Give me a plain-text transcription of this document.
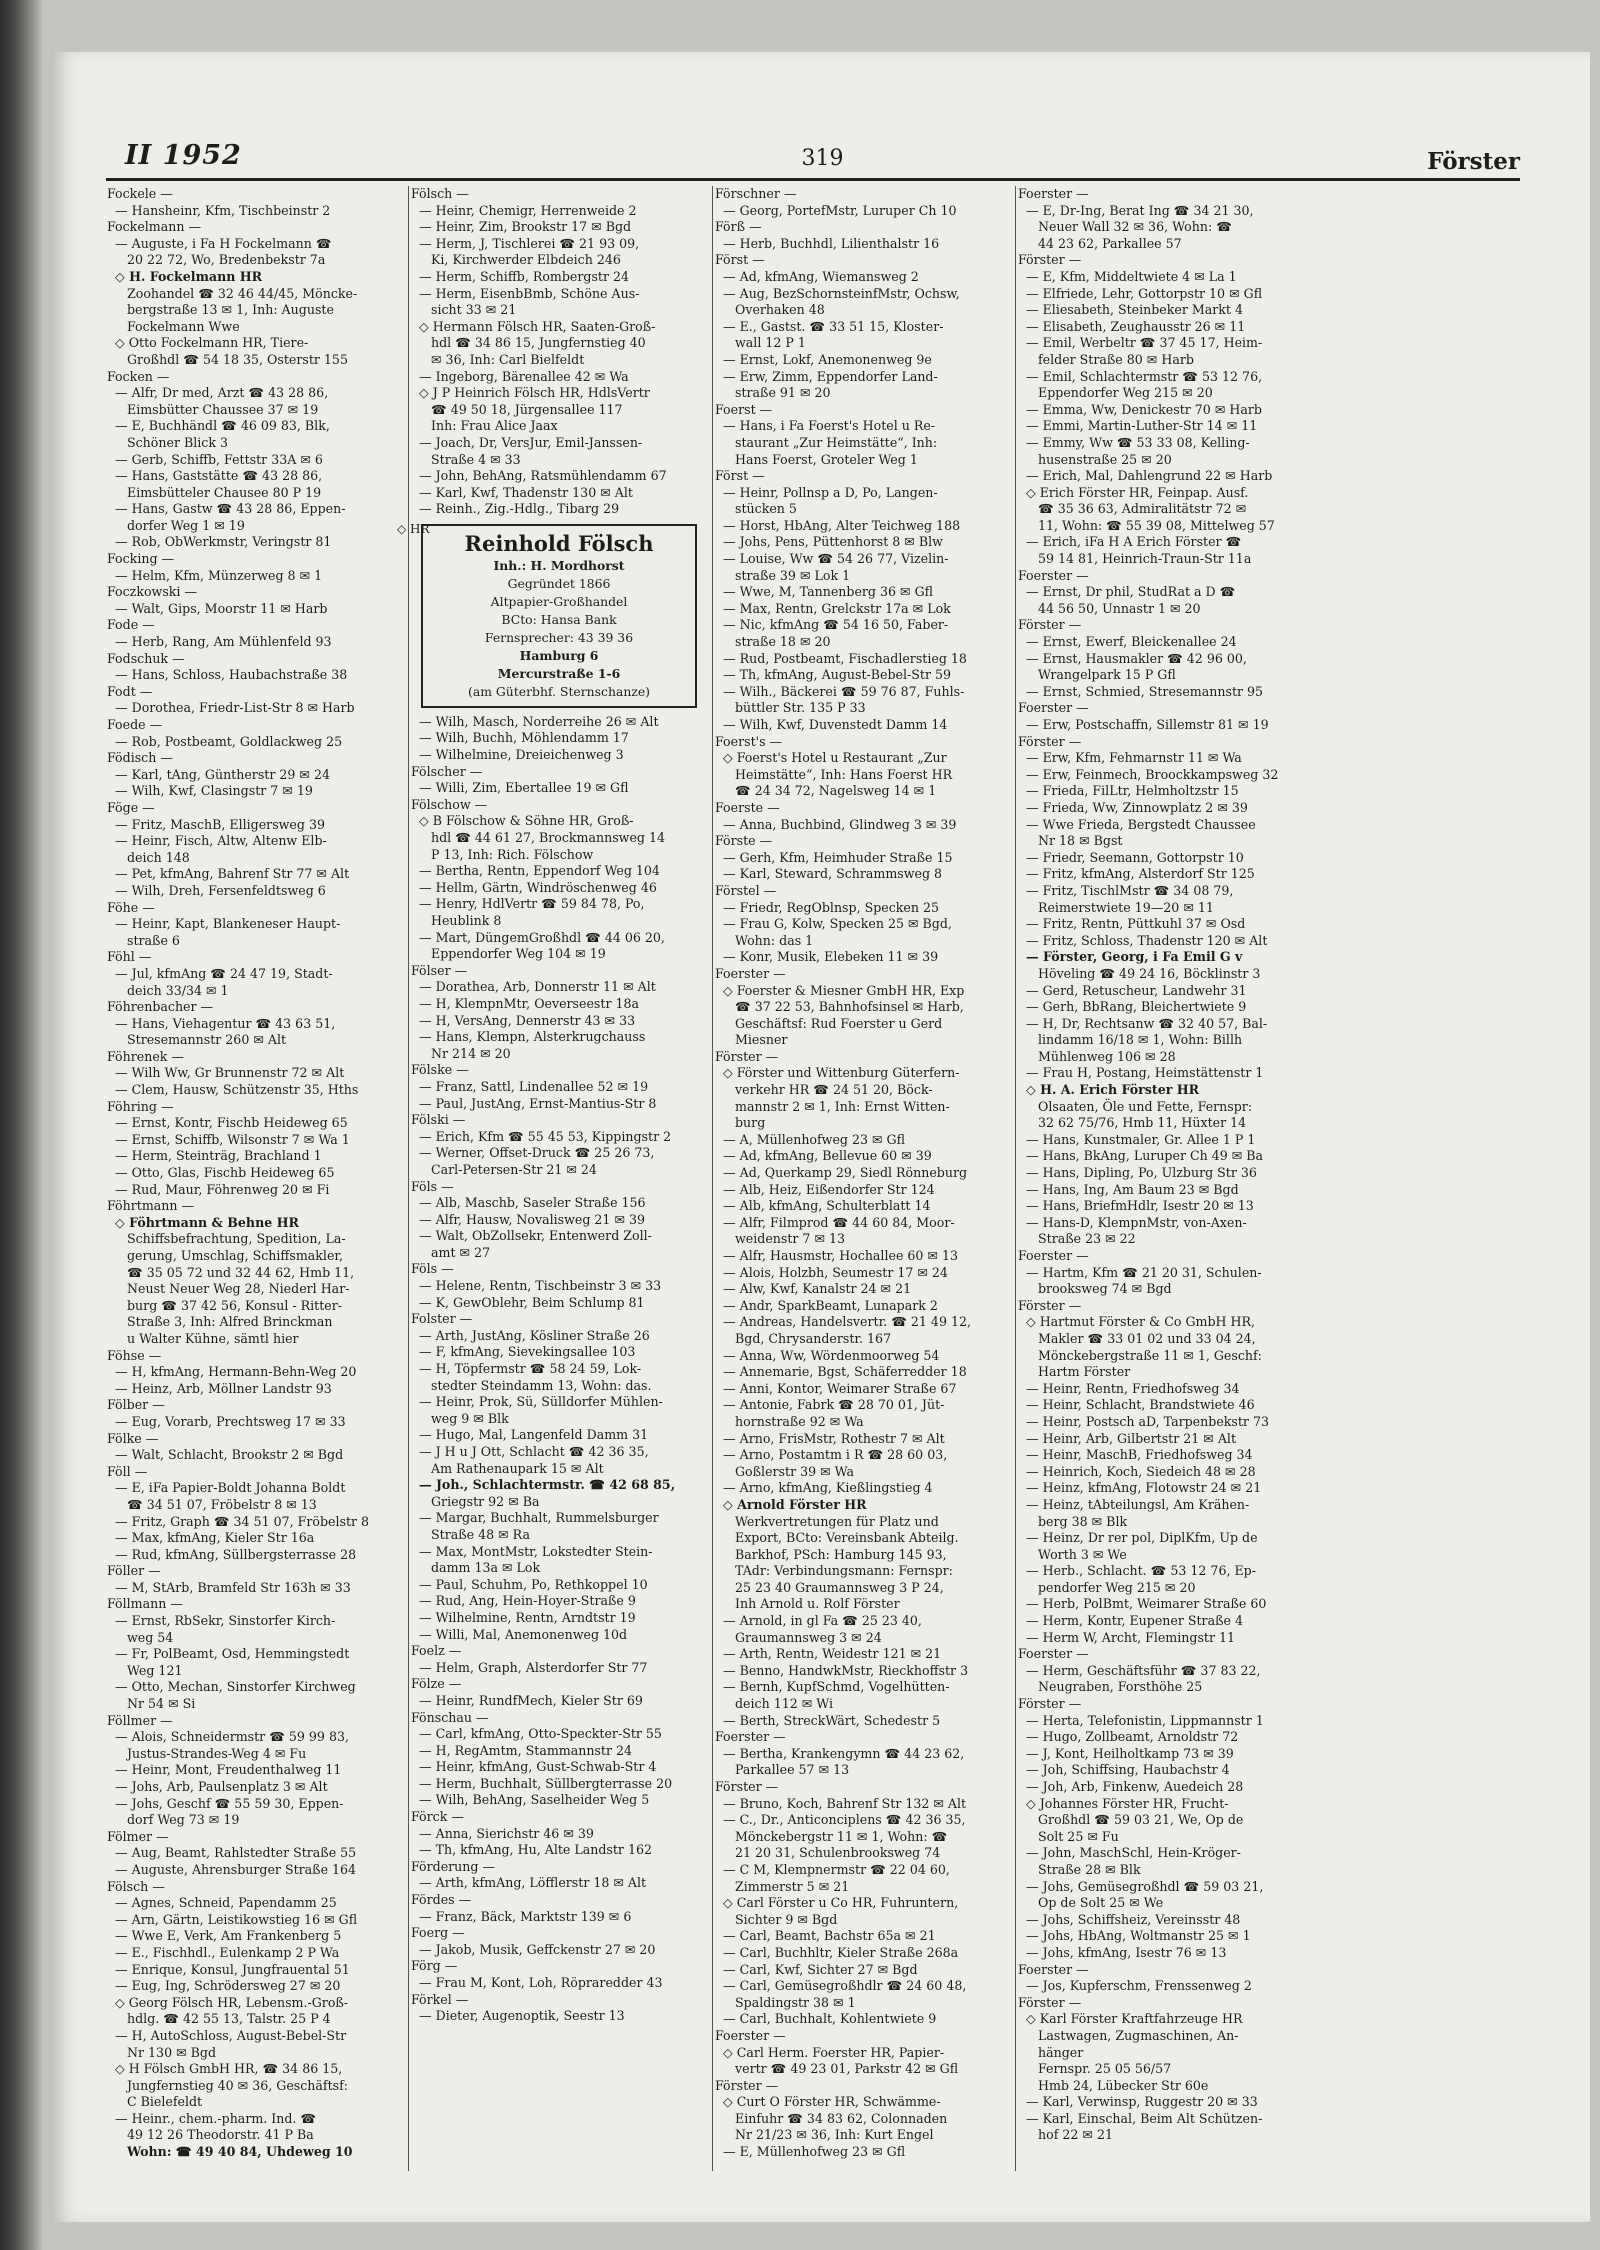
II 1952	319	Förster
Fockele —
— Hansheinr, Kfm, Tischbeinstr 2
Fockelmann —
— Auguste, i Fa H Fockelmann ☎
20 22 72, Wo, Bredenbekstr 7a
◇ H. Fockelmann HR
Zoohandel ☎ 32 46 44/45, Möncke-
bergstraße 13 ✉ 1, Inh: Auguste
Fockelmann Wwe
◇ Otto Fockelmann HR, Tiere-
Großhdl ☎ 54 18 35, Osterstr 155
Focken —
— Alfr, Dr med, Arzt ☎ 43 28 86,
Eimsbütter Chaussee 37 ✉ 19
— E, Buchhändl ☎ 46 09 83, Blk,
Schöner Blick 3
— Gerb, Schiffb, Fettstr 33A ✉ 6
— Hans, Gaststätte ☎ 43 28 86,
Eimsbütteler Chausee 80 P 19
— Hans, Gastw ☎ 43 28 86, Eppen-
dorfer Weg 1 ✉ 19
— Rob, ObWerkmstr, Veringstr 81
Focking —
— Helm, Kfm, Münzerweg 8 ✉ 1
Foczkowski —
— Walt, Gips, Moorstr 11 ✉ Harb
Fode —
— Herb, Rang, Am Mühlenfeld 93
Fodschuk —
— Hans, Schloss, Haubachstraße 38
Fodt —
— Dorothea, Friedr-List-Str 8 ✉ Harb
Foede —
— Rob, Postbeamt, Goldlackweg 25
Födisch —
— Karl, tAng, Güntherstr 29 ✉ 24
— Wilh, Kwf, Clasingstr 7 ✉ 19
Föge —
— Fritz, MaschB, Elligersweg 39
— Heinr, Fisch, Altw, Altenw Elb-
deich 148
— Pet, kfmAng, Bahrenf Str 77 ✉ Alt
— Wilh, Dreh, Fersenfeldtsweg 6
Föhe —
— Heinr, Kapt, Blankeneser Haupt-
straße 6
Föhl —
— Jul, kfmAng ☎ 24 47 19, Stadt-
deich 33/34 ✉ 1
Föhrenbacher —
— Hans, Viehagentur ☎ 43 63 51,
Stresemannstr 260 ✉ Alt
Föhrenek —
— Wilh Ww, Gr Brunnenstr 72 ✉ Alt
— Clem, Hausw, Schützenstr 35, Hths
Föhring —
— Ernst, Kontr, Fischb Heideweg 65
— Ernst, Schiffb, Wilsonstr 7 ✉ Wa 1
— Herm, Steinträg, Brachland 1
— Otto, Glas, Fischb Heideweg 65
— Rud, Maur, Föhrenweg 20 ✉ Fi
Föhrtmann —
◇ Föhrtmann & Behne HR
Schiffsbefrachtung, Spedition, La-
gerung, Umschlag, Schiffsmakler,
☎ 35 05 72 und 32 44 62, Hmb 11,
Neust Neuer Weg 28, Niederl Har-
burg ☎ 37 42 56, Konsul - Ritter-
Straße 3, Inh: Alfred Brinckman
u Walter Kühne, sämtl hier
Föhse —
— H, kfmAng, Hermann-Behn-Weg 20
— Heinz, Arb, Möllner Landstr 93
Fölber —
— Eug, Vorarb, Prechtsweg 17 ✉ 33
Fölke —
— Walt, Schlacht, Brookstr 2 ✉ Bgd
Föll —
— E, iFa Papier-Boldt Johanna Boldt
☎ 34 51 07, Fröbelstr 8 ✉ 13
— Fritz, Graph ☎ 34 51 07, Fröbelstr 8
— Max, kfmAng, Kieler Str 16a
— Rud, kfmAng, Süllbergsterrasse 28
Föller —
— M, StArb, Bramfeld Str 163h ✉ 33
Föllmann —
— Ernst, RbSekr, Sinstorfer Kirch-
weg 54
— Fr, PolBeamt, Osd, Hemmingstedt
Weg 121
— Otto, Mechan, Sinstorfer Kirchweg
Nr 54 ✉ Si
Föllmer —
— Alois, Schneidermstr ☎ 59 99 83,
Justus-Strandes-Weg 4 ✉ Fu
— Heinr, Mont, Freudenthalweg 11
— Johs, Arb, Paulsenplatz 3 ✉ Alt
— Johs, Geschf ☎ 55 59 30, Eppen-
dorf Weg 73 ✉ 19
Fölmer —
— Aug, Beamt, Rahlstedter Straße 55
— Auguste, Ahrensburger Straße 164
Fölsch —
— Agnes, Schneid, Papendamm 25
— Arn, Gärtn, Leistikowstieg 16 ✉ Gfl
— Wwe E, Verk, Am Frankenberg 5
— E., Fischhdl., Eulenkamp 2 P Wa
— Enrique, Konsul, Jungfrauental 51
— Eug, Ing, Schrödersweg 27 ✉ 20
◇ Georg Fölsch HR, Lebensm.-Groß-
hdlg. ☎ 42 55 13, Talstr. 25 P 4
— H, AutoSchloss, August-Bebel-Str
Nr 130 ✉ Bgd
◇ H Fölsch GmbH HR, ☎ 34 86 15,
Jungfernstieg 40 ✉ 36, Geschäftsf:
C Bielefeldt
— Heinr., chem.-pharm. Ind. ☎
49 12 26 Theodorstr. 41 P Ba
Wohn: ☎ 49 40 84, Uhdeweg 10
Fölsch —
— Heinr, Chemigr, Herrenweide 2
— Heinr, Zim, Brookstr 17 ✉ Bgd
— Herm, J, Tischlerei ☎ 21 93 09,
Ki, Kirchwerder Elbdeich 246
— Herm, Schiffb, Rombergstr 24
— Herm, EisenbBmb, Schöne Aus-
sicht 33 ✉ 21
◇ Hermann Fölsch HR, Saaten-Groß-
hdl ☎ 34 86 15, Jungfernstieg 40
✉ 36, Inh: Carl Bielfeldt
— Ingeborg, Bärenallee 42 ✉ Wa
◇ J P Heinrich Fölsch HR, HdlsVertr
☎ 49 50 18, Jürgensallee 117
Inh: Frau Alice Jaax
— Joach, Dr, VersJur, Emil-Janssen-
Straße 4 ✉ 33
— John, BehAng, Ratsmühlendamm 67
— Karl, Kwf, Thadenstr 130 ✉ Alt
— Reinh., Zig.-Hdlg., Tibarg 29
◇ HR
Reinhold Fölsch
Inh.: H. Mordhorst
Gegründet 1866
Altpapier-Großhandel
BCto: Hansa Bank
Fernsprecher: 43 39 36
Hamburg 6
Mercurstraße 1-6
(am Güterbhf. Sternschanze)
— Wilh, Masch, Norderreihe 26 ✉ Alt
— Wilh, Buchh, Möhlendamm 17
— Wilhelmine, Dreieichenweg 3
Fölscher —
— Willi, Zim, Ebertallee 19 ✉ Gfl
Fölschow —
◇ B Fölschow & Söhne HR, Groß-
hdl ☎ 44 61 27, Brockmannsweg 14
P 13, Inh: Rich. Fölschow
— Bertha, Rentn, Eppendorf Weg 104
— Hellm, Gärtn, Windröschenweg 46
— Henry, HdlVertr ☎ 59 84 78, Po,
Heublink 8
— Mart, DüngemGroßhdl ☎ 44 06 20,
Eppendorfer Weg 104 ✉ 19
Fölser —
— Dorathea, Arb, Donnerstr 11 ✉ Alt
— H, KlempnMtr, Oeverseestr 18a
— H, VersAng, Dennerstr 43 ✉ 33
— Hans, Klempn, Alsterkrugchauss
Nr 214 ✉ 20
Fölske —
— Franz, Sattl, Lindenallee 52 ✉ 19
— Paul, JustAng, Ernst-Mantius-Str 8
Fölski —
— Erich, Kfm ☎ 55 45 53, Kippingstr 2
— Werner, Offset-Druck ☎ 25 26 73,
Carl-Petersen-Str 21 ✉ 24
Föls —
— Alb, Maschb, Saseler Straße 156
— Alfr, Hausw, Novalisweg 21 ✉ 39
— Walt, ObZollsekr, Entenwerd Zoll-
amt ✉ 27
Föls —
— Helene, Rentn, Tischbeinstr 3 ✉ 33
— K, GewOblehr, Beim Schlump 81
Folster —
— Arth, JustAng, Kösliner Straße 26
— F, kfmAng, Sievekingsallee 103
— H, Töpfermstr ☎ 58 24 59, Lok-
stedter Steindamm 13, Wohn: das.
— Heinr, Prok, Sü, Sülldorfer Mühlen-
weg 9 ✉ Blk
— Hugo, Mal, Langenfeld Damm 31
— J H u J Ott, Schlacht ☎ 42 36 35,
Am Rathenaupark 15 ✉ Alt
— Joh., Schlachtermstr. ☎ 42 68 85,
Griegstr 92 ✉ Ba
— Margar, Buchhalt, Rummelsburger
Straße 48 ✉ Ra
— Max, MontMstr, Lokstedter Stein-
damm 13a ✉ Lok
— Paul, Schuhm, Po, Rethkoppel 10
— Rud, Ang, Hein-Hoyer-Straße 9
— Wilhelmine, Rentn, Arndtstr 19
— Willi, Mal, Anemonenweg 10d
Foelz —
— Helm, Graph, Alsterdorfer Str 77
Fölze —
— Heinr, RundfMech, Kieler Str 69
Fönschau —
— Carl, kfmAng, Otto-Speckter-Str 55
— H, RegAmtm, Stammannstr 24
— Heinr, kfmAng, Gust-Schwab-Str 4
— Herm, Buchhalt, Süllbergterrasse 20
— Wilh, BehAng, Saselheider Weg 5
Förck —
— Anna, Sierichstr 46 ✉ 39
— Th, kfmAng, Hu, Alte Landstr 162
Förderung —
— Arth, kfmAng, Löfflerstr 18 ✉ Alt
Fördes —
— Franz, Bäck, Marktstr 139 ✉ 6
Foerg —
— Jakob, Musik, Geffckenstr 27 ✉ 20
Förg —
— Frau M, Kont, Loh, Röpraredder 43
Förkel —
— Dieter, Augenoptik, Seestr 13
Förschner —
— Georg, PortefMstr, Luruper Ch 10
Förß —
— Herb, Buchhdl, Lilienthalstr 16
Först —
— Ad, kfmAng, Wiemansweg 2
— Aug, BezSchornsteinfMstr, Ochsw,
Overhaken 48
— E., Gastst. ☎ 33 51 15, Kloster-
wall 12 P 1
— Ernst, Lokf, Anemonenweg 9e
— Erw, Zimm, Eppendorfer Land-
straße 91 ✉ 20
Foerst —
— Hans, i Fa Foerst's Hotel u Re-
staurant „Zur Heimstätte“, Inh:
Hans Foerst, Groteler Weg 1
Först —
— Heinr, Pollnsp a D, Po, Langen-
stücken 5
— Horst, HbAng, Alter Teichweg 188
— Johs, Pens, Püttenhorst 8 ✉ Blw
— Louise, Ww ☎ 54 26 77, Vizelin-
straße 39 ✉ Lok 1
— Wwe, M, Tannenberg 36 ✉ Gfl
— Max, Rentn, Grelckstr 17a ✉ Lok
— Nic, kfmAng ☎ 54 16 50, Faber-
straße 18 ✉ 20
— Rud, Postbeamt, Fischadlerstieg 18
— Th, kfmAng, August-Bebel-Str 59
— Wilh., Bäckerei ☎ 59 76 87, Fuhls-
büttler Str. 135 P 33
— Wilh, Kwf, Duvenstedt Damm 14
Foerst's —
◇ Foerst's Hotel u Restaurant „Zur
Heimstätte“, Inh: Hans Foerst HR
☎ 24 34 72, Nagelsweg 14 ✉ 1
Foerste —
— Anna, Buchbind, Glindweg 3 ✉ 39
Förste —
— Gerh, Kfm, Heimhuder Straße 15
— Karl, Steward, Schrammsweg 8
Förstel —
— Friedr, RegOblnsp, Specken 25
— Frau G, Kolw, Specken 25 ✉ Bgd,
Wohn: das 1
— Konr, Musik, Elebeken 11 ✉ 39
Foerster —
◇ Foerster & Miesner GmbH HR, Exp
☎ 37 22 53, Bahnhofsinsel ✉ Harb,
Geschäftsf: Rud Foerster u Gerd
Miesner
Förster —
◇ Förster und Wittenburg Güterfern-
verkehr HR ☎ 24 51 20, Böck-
mannstr 2 ✉ 1, Inh: Ernst Witten-
burg
— A, Müllenhofweg 23 ✉ Gfl
— Ad, kfmAng, Bellevue 60 ✉ 39
— Ad, Querkamp 29, Siedl Rönneburg
— Alb, Heiz, Eißendorfer Str 124
— Alb, kfmAng, Schulterblatt 14
— Alfr, Filmprod ☎ 44 60 84, Moor-
weidenstr 7 ✉ 13
— Alfr, Hausmstr, Hochallee 60 ✉ 13
— Alois, Holzbh, Seumestr 17 ✉ 24
— Alw, Kwf, Kanalstr 24 ✉ 21
— Andr, SparkBeamt, Lunapark 2
— Andreas, Handelsvertr. ☎ 21 49 12,
Bgd, Chrysanderstr. 167
— Anna, Ww, Wördenmoorweg 54
— Annemarie, Bgst, Schäferredder 18
— Anni, Kontor, Weimarer Straße 67
— Antonie, Fabrk ☎ 28 70 01, Jüt-
hornstraße 92 ✉ Wa
— Arno, FrisMstr, Rothestr 7 ✉ Alt
— Arno, Postamtm i R ☎ 28 60 03,
Goßlerstr 39 ✉ Wa
— Arno, kfmAng, Kießlingstieg 4
◇ Arnold Förster HR
Werkvertretungen für Platz und
Export, BCto: Vereinsbank Abteilg.
Barkhof, PSch: Hamburg 145 93,
TAdr: Verbindungsmann: Fernspr:
25 23 40 Graumannsweg 3 P 24,
Inh Arnold u. Rolf Förster
— Arnold, in gl Fa ☎ 25 23 40,
Graumannsweg 3 ✉ 24
— Arth, Rentn, Weidestr 121 ✉ 21
— Benno, HandwkMstr, Rieckhoffstr 3
— Bernh, KupfSchmd, Vogelhütten-
deich 112 ✉ Wi
— Berth, StreckWärt, Schedestr 5
Foerster —
— Bertha, Krankengymn ☎ 44 23 62,
Parkallee 57 ✉ 13
Förster —
— Bruno, Koch, Bahrenf Str 132 ✉ Alt
— C., Dr., Anticonciplens ☎ 42 36 35,
Mönckebergstr 11 ✉ 1, Wohn: ☎
21 20 31, Schulenbrooksweg 74
— C M, Klempnermstr ☎ 22 04 60,
Zimmerstr 5 ✉ 21
◇ Carl Förster u Co HR, Fuhruntern,
Sichter 9 ✉ Bgd
— Carl, Beamt, Bachstr 65a ✉ 21
— Carl, Buchhltr, Kieler Straße 268a
— Carl, Kwf, Sichter 27 ✉ Bgd
— Carl, Gemüsegroßhdlr ☎ 24 60 48,
Spaldingstr 38 ✉ 1
— Carl, Buchhalt, Kohlentwiete 9
Foerster —
◇ Carl Herm. Foerster HR, Papier-
vertr ☎ 49 23 01, Parkstr 42 ✉ Gfl
Förster —
◇ Curt O Förster HR, Schwämme-
Einfuhr ☎ 34 83 62, Colonnaden
Nr 21/23 ✉ 36, Inh: Kurt Engel
— E, Müllenhofweg 23 ✉ Gfl
Foerster —
— E, Dr-Ing, Berat Ing ☎ 34 21 30,
Neuer Wall 32 ✉ 36, Wohn: ☎
44 23 62, Parkallee 57
Förster —
— E, Kfm, Middeltwiete 4 ✉ La 1
— Elfriede, Lehr, Gottorpstr 10 ✉ Gfl
— Eliesabeth, Steinbeker Markt 4
— Elisabeth, Zeughausstr 26 ✉ 11
— Emil, Werbeltr ☎ 37 45 17, Heim-
felder Straße 80 ✉ Harb
— Emil, Schlachtermstr ☎ 53 12 76,
Eppendorfer Weg 215 ✉ 20
— Emma, Ww, Denickestr 70 ✉ Harb
— Emmi, Martin-Luther-Str 14 ✉ 11
— Emmy, Ww ☎ 53 33 08, Kelling-
husenstraße 25 ✉ 20
— Erich, Mal, Dahlengrund 22 ✉ Harb
◇ Erich Förster HR, Feinpap. Ausf.
☎ 35 36 63, Admiralitätstr 72 ✉
11, Wohn: ☎ 55 39 08, Mittelweg 57
— Erich, iFa H A Erich Förster ☎
59 14 81, Heinrich-Traun-Str 11a
Foerster —
— Ernst, Dr phil, StudRat a D ☎
44 56 50, Unnastr 1 ✉ 20
Förster —
— Ernst, Ewerf, Bleickenallee 24
— Ernst, Hausmakler ☎ 42 96 00,
Wrangelpark 15 P Gfl
— Ernst, Schmied, Stresemannstr 95
Foerster —
— Erw, Postschaffn, Sillemstr 81 ✉ 19
Förster —
— Erw, Kfm, Fehmarnstr 11 ✉ Wa
— Erw, Feinmech, Broockkampsweg 32
— Frieda, FilLtr, Helmholtzstr 15
— Frieda, Ww, Zinnowplatz 2 ✉ 39
— Wwe Frieda, Bergstedt Chaussee
Nr 18 ✉ Bgst
— Friedr, Seemann, Gottorpstr 10
— Fritz, kfmAng, Alsterdorf Str 125
— Fritz, TischlMstr ☎ 34 08 79,
Reimerstwiete 19—20 ✉ 11
— Fritz, Rentn, Püttkuhl 37 ✉ Osd
— Fritz, Schloss, Thadenstr 120 ✉ Alt
— Förster, Georg, i Fa Emil G v
Höveling ☎ 49 24 16, Böcklinstr 3
— Gerd, Retuscheur, Landwehr 31
— Gerh, BbRang, Bleichertwiete 9
— H, Dr, Rechtsanw ☎ 32 40 57, Bal-
lindamm 16/18 ✉ 1, Wohn: Billh
Mühlenweg 106 ✉ 28
— Frau H, Postang, Heimstättenstr 1
◇ H. A. Erich Förster HR
Olsaaten, Öle und Fette, Fernspr:
32 62 75/76, Hmb 11, Hüxter 14
— Hans, Kunstmaler, Gr. Allee 1 P 1
— Hans, BkAng, Luruper Ch 49 ✉ Ba
— Hans, Dipling, Po, Ulzburg Str 36
— Hans, Ing, Am Baum 23 ✉ Bgd
— Hans, BriefmHdlr, Isestr 20 ✉ 13
— Hans-D, KlempnMstr, von-Axen-
Straße 23 ✉ 22
Foerster —
— Hartm, Kfm ☎ 21 20 31, Schulen-
brooksweg 74 ✉ Bgd
Förster —
◇ Hartmut Förster & Co GmbH HR,
Makler ☎ 33 01 02 und 33 04 24,
Mönckebergstraße 11 ✉ 1, Geschf:
Hartm Förster
— Heinr, Rentn, Friedhofsweg 34
— Heinr, Schlacht, Brandstwiete 46
— Heinr, Postsch aD, Tarpenbekstr 73
— Heinr, Arb, Gilbertstr 21 ✉ Alt
— Heinr, MaschB, Friedhofsweg 34
— Heinrich, Koch, Siedeich 48 ✉ 28
— Heinz, kfmAng, Flotowstr 24 ✉ 21
— Heinz, tAbteilungsl, Am Krähen-
berg 38 ✉ Blk
— Heinz, Dr rer pol, DiplKfm, Up de
Worth 3 ✉ We
— Herb., Schlacht. ☎ 53 12 76, Ep-
pendorfer Weg 215 ✉ 20
— Herb, PolBmt, Weimarer Straße 60
— Herm, Kontr, Eupener Straße 4
— Herm W, Archt, Flemingstr 11
Foerster —
— Herm, Geschäftsführ ☎ 37 83 22,
Neugraben, Forsthöhe 25
Förster —
— Herta, Telefonistin, Lippmannstr 1
— Hugo, Zollbeamt, Arnoldstr 72
— J, Kont, Heilholtkamp 73 ✉ 39
— Joh, Schiffsing, Haubachstr 4
— Joh, Arb, Finkenw, Auedeich 28
◇ Johannes Förster HR, Frucht-
Großhdl ☎ 59 03 21, We, Op de
Solt 25 ✉ Fu
— John, MaschSchl, Hein-Kröger-
Straße 28 ✉ Blk
— Johs, Gemüsegroßhdl ☎ 59 03 21,
Op de Solt 25 ✉ We
— Johs, Schiffsheiz, Vereinsstr 48
— Johs, HbAng, Woltmanstr 25 ✉ 1
— Johs, kfmAng, Isestr 76 ✉ 13
Foerster —
— Jos, Kupferschm, Frenssenweg 2
Förster —
◇ Karl Förster Kraftfahrzeuge HR
Lastwagen, Zugmaschinen, An-
hänger
Fernspr. 25 05 56/57
Hmb 24, Lübecker Str 60e
— Karl, Verwinsp, Ruggestr 20 ✉ 33
— Karl, Einschal, Beim Alt Schützen-
hof 22 ✉ 21
